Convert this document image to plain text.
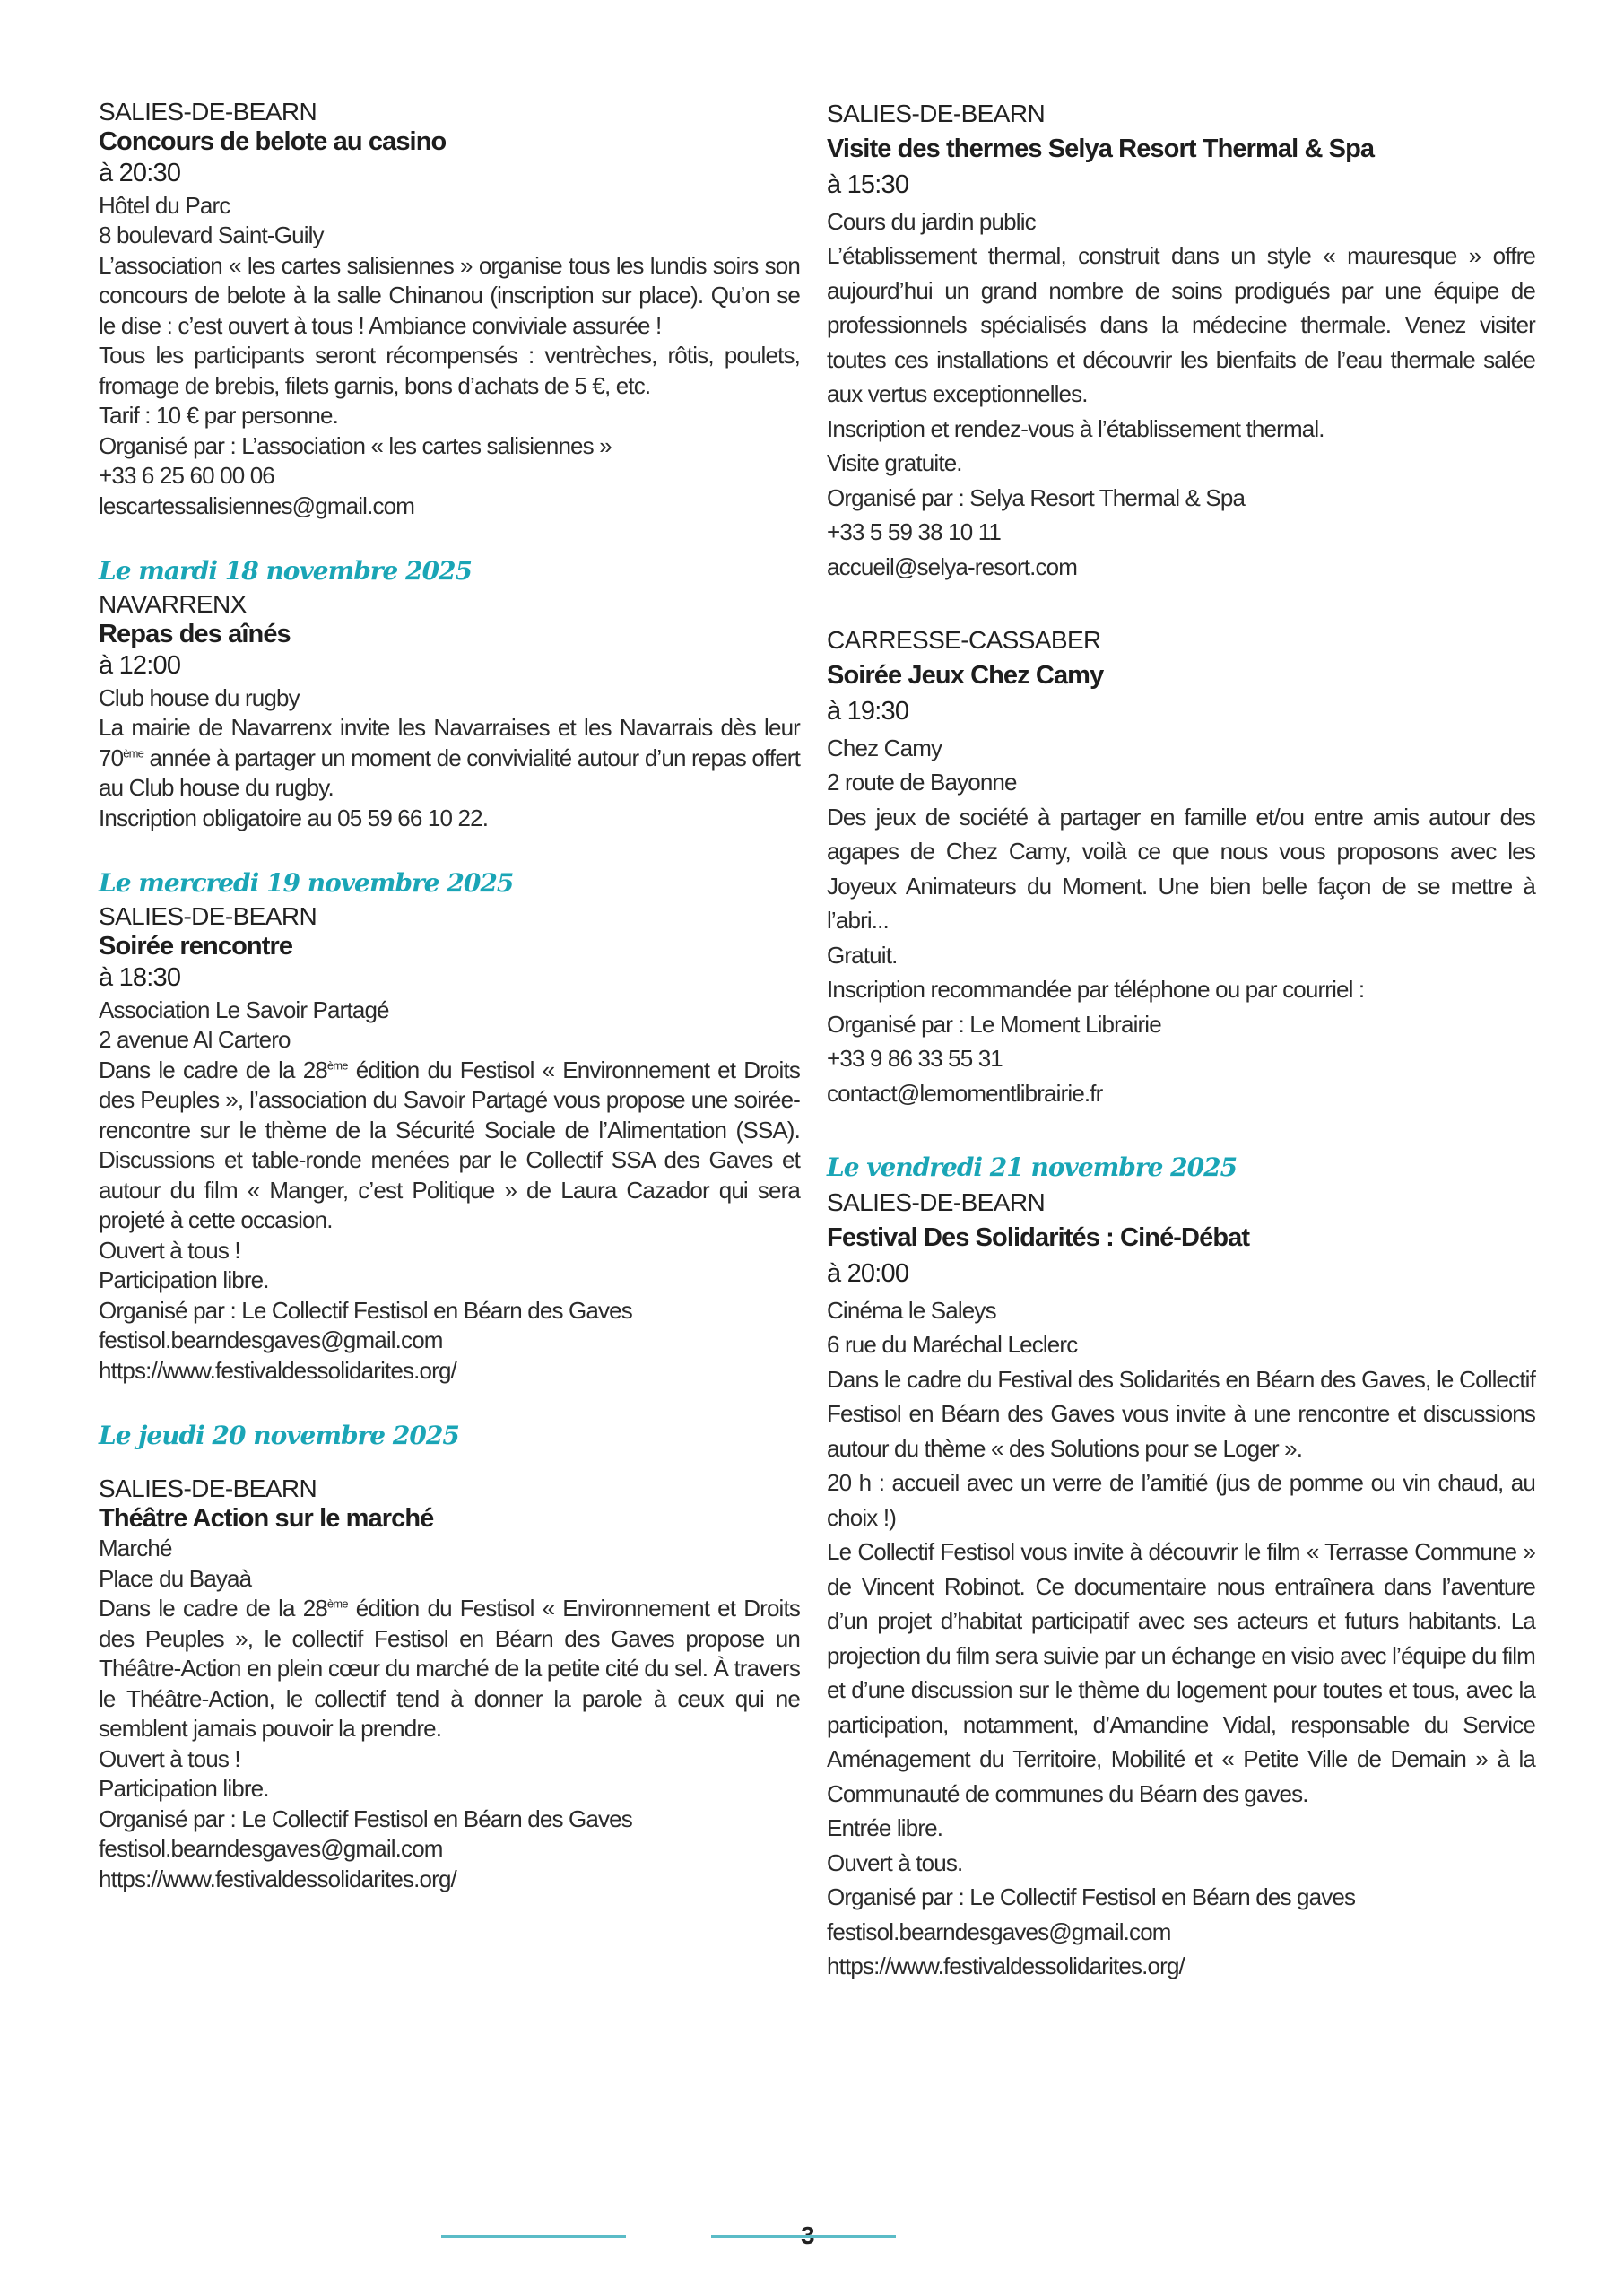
SALIES-DE-BEARN
Concours de belote au casino
à 20:30
Hôtel du Parc
8 boulevard Saint-Guily
L’association « les cartes salisiennes » organise tous les lundis soirs son concours de belote à la salle Chinanou (inscription sur place). Qu’on se le dise : c’est ouvert à tous ! Ambiance conviviale assurée !
Tous les participants seront récompensés : ventrèches, rôtis, poulets, fromage de brebis, filets garnis, bons d’achats de 5 €, etc.
Tarif : 10 € par personne.
Organisé par : L’association « les cartes salisiennes »
+33 6 25 60 00 06
lescartessalisiennes@gmail.com
Le mardi 18 novembre 2025
NAVARRENX
Repas des aînés
à 12:00
Club house du rugby
La mairie de Navarrenx invite les Navarraises et les Navarrais dès leur 70ème année à partager un moment de convivialité autour d’un repas offert au Club house du rugby.
Inscription obligatoire au 05 59 66 10 22.
Le mercredi 19 novembre 2025
SALIES-DE-BEARN
Soirée rencontre
à 18:30
Association Le Savoir Partagé
2 avenue Al Cartero
Dans le cadre de la 28ème édition du Festisol « Environnement et Droits des Peuples », l’association du Savoir Partagé vous propose une soirée-rencontre sur le thème de la Sécurité Sociale de l’Alimentation (SSA). Discussions et table-ronde menées par le Collectif SSA des Gaves et autour du film « Manger, c’est Politique » de Laura Cazador qui sera projeté à cette occasion.
Ouvert à tous !
Participation libre.
Organisé par : Le Collectif Festisol en Béarn des Gaves
festisol.bearndesgaves@gmail.com
https://www.festivaldessolidarites.org/
Le jeudi 20 novembre 2025
SALIES-DE-BEARN
Théâtre Action sur le marché
Marché
Place du Bayaà
Dans le cadre de la 28ème édition du Festisol « Environnement et Droits des Peuples », le collectif Festisol en Béarn des Gaves propose un Théâtre-Action en plein cœur du marché de la petite cité du sel. À travers le Théâtre-Action, le collectif tend à donner la parole à ceux qui ne semblent jamais pouvoir la prendre.
Ouvert à tous !
Participation libre.
Organisé par : Le Collectif Festisol en Béarn des Gaves
festisol.bearndesgaves@gmail.com
https://www.festivaldessolidarites.org/
SALIES-DE-BEARN
Visite des thermes Selya Resort Thermal & Spa
à 15:30
Cours du jardin public
L’établissement thermal, construit dans un style « mauresque » offre aujourd’hui un grand nombre de soins prodigués par une équipe de professionnels spécialisés dans la médecine thermale. Venez visiter toutes ces installations et découvrir les bienfaits de l’eau thermale salée aux vertus exceptionnelles.
Inscription et rendez-vous à l’établissement thermal.
Visite gratuite.
Organisé par : Selya Resort Thermal & Spa
+33 5 59 38 10 11
accueil@selya-resort.com
CARRESSE-CASSABER
Soirée Jeux Chez Camy
à 19:30
Chez Camy
2 route de Bayonne
Des jeux de société à partager en famille et/ou entre amis autour des agapes de Chez Camy, voilà ce que nous vous proposons avec les Joyeux Animateurs du Moment. Une bien belle façon de se mettre à l’abri...
Gratuit.
Inscription recommandée par téléphone ou par courriel :
Organisé par : Le Moment Librairie
+33 9 86 33 55 31
contact@lemomentlibrairie.fr
Le vendredi 21 novembre 2025
SALIES-DE-BEARN
Festival Des Solidarités : Ciné-Débat
à 20:00
Cinéma le Saleys
6 rue du Maréchal Leclerc
Dans le cadre du Festival des Solidarités en Béarn des Gaves, le Collectif Festisol en Béarn des Gaves vous invite à une rencontre et discussions autour du thème « des Solutions pour se Loger ».
20 h : accueil avec un verre de l’amitié (jus de pomme ou vin chaud, au choix !)
Le Collectif Festisol vous invite à découvrir le film « Terrasse Commune » de Vincent Robinot. Ce documentaire nous entraînera dans l’aventure d’un projet d’habitat participatif avec ses acteurs et futurs habitants. La projection du film sera suivie par un échange en visio avec l’équipe du film et d’une discussion sur le thème du logement pour toutes et tous, avec la participation, notamment, d’Amandine Vidal, responsable du Service Aménagement du Territoire, Mobilité et « Petite Ville de Demain » à la Communauté de communes du Béarn des gaves.
Entrée libre.
Ouvert à tous.
Organisé par : Le Collectif Festisol en Béarn des gaves
festisol.bearndesgaves@gmail.com
https://www.festivaldessolidarites.org/
